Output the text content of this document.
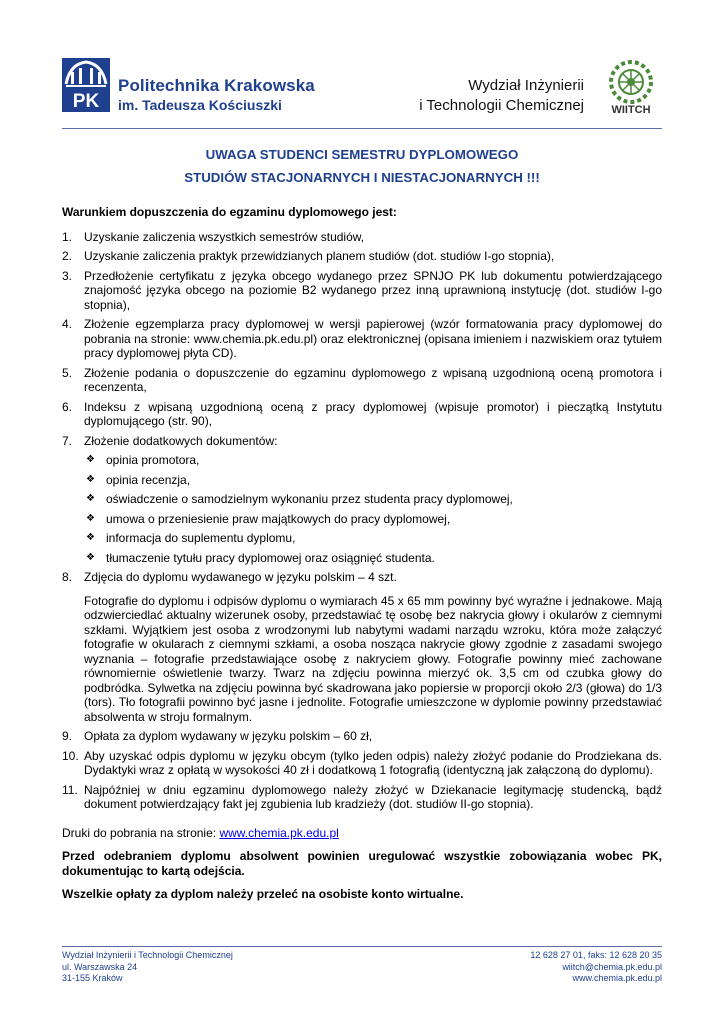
PK
Politechnika Krakowska
im. Tadeusza Kościuszki
Wydział Inżynierii
i Technologii Chemicznej WIITCH
UWAGA STUDENCI SEMESTRU DYPLOMOWEGO
STUDIÓW STACJONARNYCH I NIESTACJONARNYCH !!!
Warunkiem dopuszczenia do egzaminu dyplomowego jest:
1. Uzyskanie zaliczenia wszystkich semestrów studiów,
2. Uzyskanie zaliczenia praktyk przewidzianych planem studiów (dot. studiów I-go stopnia),
3. Przedłożenie certyfikatu z języka obcego wydanego przez SPNJO PK lub dokumentu potwierdzającego znajomość języka obcego na poziomie B2 wydanego przez inną uprawnioną instytucję (dot. studiów I-go stopnia),
4. Złożenie egzemplarza pracy dyplomowej w wersji papierowej (wzór formatowania pracy dyplomowej do pobrania na stronie: www.chemia.pk.edu.pl) oraz elektronicznej (opisana imieniem i nazwiskiem oraz tytułem pracy dyplomowej płyta CD).
5. Złożenie podania o dopuszczenie do egzaminu dyplomowego z wpisaną uzgodnioną oceną promotora i recenzenta,
6. Indeksu z wpisaną uzgodnioną oceną z pracy dyplomowej (wpisuje promotor) i pieczątką Instytutu dyplomującego (str. 90),
7. Złożenie dodatkowych dokumentów:
❖ opinia promotora,
❖ opinia recenzja,
❖ oświadczenie o samodzielnym wykonaniu przez studenta pracy dyplomowej,
❖ umowa o przeniesienie praw majątkowych do pracy dyplomowej,
❖ informacja do suplementu dyplomu,
❖ tłumaczenie tytułu pracy dyplomowej oraz osiągnięć studenta.
8. Zdjęcia do dyplomu wydawanego w języku polskim – 4 szt.

Fotografie do dyplomu i odpisów dyplomu o wymiarach 45 x 65 mm powinny być wyraźne i jednakowe. Mają odzwierciedlać aktualny wizerunek osoby, przedstawiać tę osobę bez nakrycia głowy i okularów z ciemnymi szkłami. Wyjątkiem jest osoba z wrodzonymi lub nabytymi wadami narządu wzroku, która może załączyć fotografie w okularach z ciemnymi szkłami, a osoba nosząca nakrycie głowy zgodnie z zasadami swojego wyznania – fotografie przedstawiające osobę z nakryciem głowy. Fotografie powinny mieć zachowane równomiernie oświetlenie twarzy. Twarz na zdjęciu powinna mierzyć ok. 3,5 cm od czubka głowy do podbródka. Sylwetka na zdjęciu powinna być skadrowana jako popiersie w proporcji około 2/3 (głowa) do 1/3 (tors). Tło fotografii powinno być jasne i jednolite. Fotografie umieszczone w dyplomie powinny przedstawiać absolwenta w stroju formalnym.

9. Opłata za dyplom wydawany w języku polskim – 60 zł,
10. Aby uzyskać odpis dyplomu w języku obcym (tylko jeden odpis) należy złożyć podanie do Prodziekana ds. Dydaktyki wraz z opłatą w wysokości 40 zł i dodatkową 1 fotografią (identyczną jak załączoną do dyplomu).
11. Najpóźniej w dniu egzaminu dyplomowego należy złożyć w Dziekanacie legitymację studencką, bądź dokument potwierdzający fakt jej zgubienia lub kradzieży (dot. studiów II-go stopnia).
Druki do pobrania na stronie: www.chemia.pk.edu.pl
Przed odebraniem dyplomu absolwent powinien uregulować wszystkie zobowiązania wobec PK, dokumentując to kartą odejścia.
Wszelkie opłaty za dyplom należy przeleć na osobiste konto wirtualne.
Wydział Inżynierii i Technologii Chemicznej
ul. Warszawska 24
31-155 Kraków
12 628 27 01, faks: 12 628 20 35
wiitch@chemia.pk.edu.pl
www.chemia.pk.edu.pl
